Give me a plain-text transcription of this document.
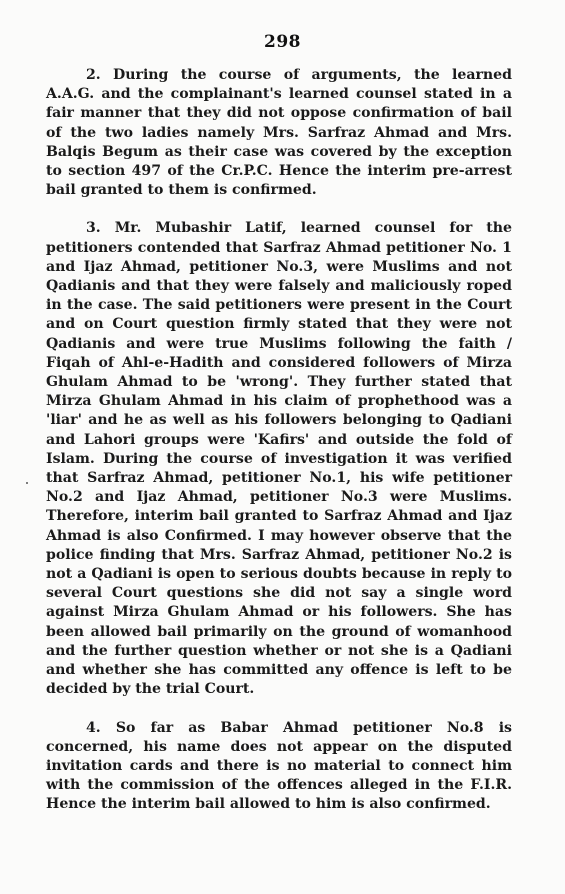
298

2. During the course of arguments, the learned A.A.G. and the complainant's learned counsel stated in a fair manner that they did not oppose confirmation of bail of the two ladies namely Mrs. Sarfraz Ahmad and Mrs. Balqis Begum as their case was covered by the exception to section 497 of the Cr.P.C. Hence the interim pre-arrest bail granted to them is confirmed.

3. Mr. Mubashir Latif, learned counsel for the petitioners contended that Sarfraz Ahmad petitioner No. 1 and Ijaz Ahmad, petitioner No.3, were Muslims and not Qadianis and that they were falsely and maliciously roped in the case. The said petitioners were present in the Court and on Court question firmly stated that they were not Qadianis and were true Muslims following the faith / Fiqah of Ahl-e-Hadith and considered followers of Mirza Ghulam Ahmad to be 'wrong'. They further stated that Mirza Ghulam Ahmad in his claim of prophethood was a 'liar' and he as well as his followers belonging to Qadiani and Lahori groups were 'Kafirs' and outside the fold of Islam. During the course of investigation it was verified that Sarfraz Ahmad, petitioner No.1, his wife petitioner No.2 and Ijaz Ahmad, petitioner No.3 were Muslims. Therefore, interim bail granted to Sarfraz Ahmad and Ijaz Ahmad is also Confirmed. I may however observe that the police finding that Mrs. Sarfraz Ahmad, petitioner No.2 is not a Qadiani is open to serious doubts because in reply to several Court questions she did not say a single word against Mirza Ghulam Ahmad or his followers. She has been allowed bail primarily on the ground of womanhood and the further question whether or not she is a Qadiani and whether she has committed any offence is left to be decided by the trial Court.

4. So far as Babar Ahmad petitioner No.8 is concerned, his name does not appear on the disputed invitation cards and there is no material to connect him with the commission of the offences alleged in the F.I.R. Hence the interim bail allowed to him is also confirmed.
